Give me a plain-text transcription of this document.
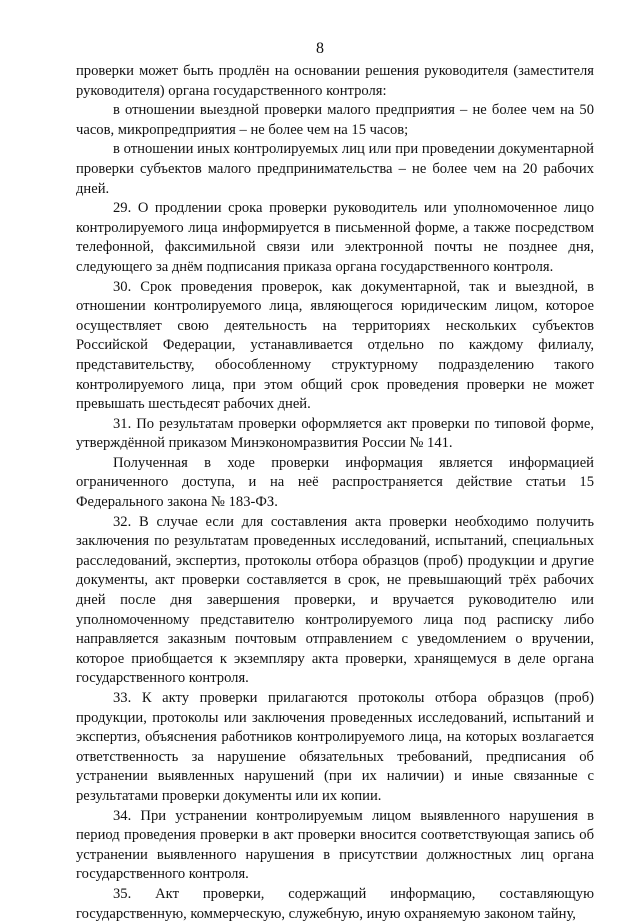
8

проверки может быть продлён на основании решения руководителя (заместителя руководителя) органа государственного контроля:

в отношении выездной проверки малого предприятия – не более чем на 50 часов, микропредприятия – не более чем на 15 часов;

в отношении иных контролируемых лиц или при проведении документарной проверки субъектов малого предпринимательства – не более чем на 20 рабочих дней.

29. О продлении срока проверки руководитель или уполномоченное лицо контролируемого лица информируется в письменной форме, а также посредством телефонной, факсимильной связи или электронной почты не позднее дня, следующего за днём подписания приказа органа государственного контроля.

30. Срок проведения проверок, как документарной, так и выездной, в отношении контролируемого лица, являющегося юридическим лицом, которое осуществляет свою деятельность на территориях нескольких субъектов Российской Федерации, устанавливается отдельно по каждому филиалу, представительству, обособленному структурному подразделению такого контролируемого лица, при этом общий срок проведения проверки не может превышать шестьдесят рабочих дней.

31. По результатам проверки оформляется акт проверки по типовой форме, утверждённой приказом Минэкономразвития России № 141.

Полученная в ходе проверки информация является информацией ограниченного доступа, и на неё распространяется действие статьи 15 Федерального закона № 183-ФЗ.

32. В случае если для составления акта проверки необходимо получить заключения по результатам проведенных исследований, испытаний, специальных расследований, экспертиз, протоколы отбора образцов (проб) продукции и другие документы, акт проверки составляется в срок, не превышающий трёх рабочих дней после дня завершения проверки, и вручается руководителю или уполномоченному представителю контролируемого лица под расписку либо направляется заказным почтовым отправлением с уведомлением о вручении, которое приобщается к экземпляру акта проверки, хранящемуся в деле органа государственного контроля.

33. К акту проверки прилагаются протоколы отбора образцов (проб) продукции, протоколы или заключения проведенных исследований, испытаний и экспертиз, объяснения работников контролируемого лица, на которых возлагается ответственность за нарушение обязательных требований, предписания об устранении выявленных нарушений (при их наличии) и иные связанные с результатами проверки документы или их копии.

34. При устранении контролируемым лицом выявленного нарушения в период проведения проверки в акт проверки вносится соответствующая запись об устранении выявленного нарушения в присутствии должностных лиц органа государственного контроля.

35. Акт проверки, содержащий информацию, составляющую государственную, коммерческую, служебную, иную охраняемую законом тайну,
